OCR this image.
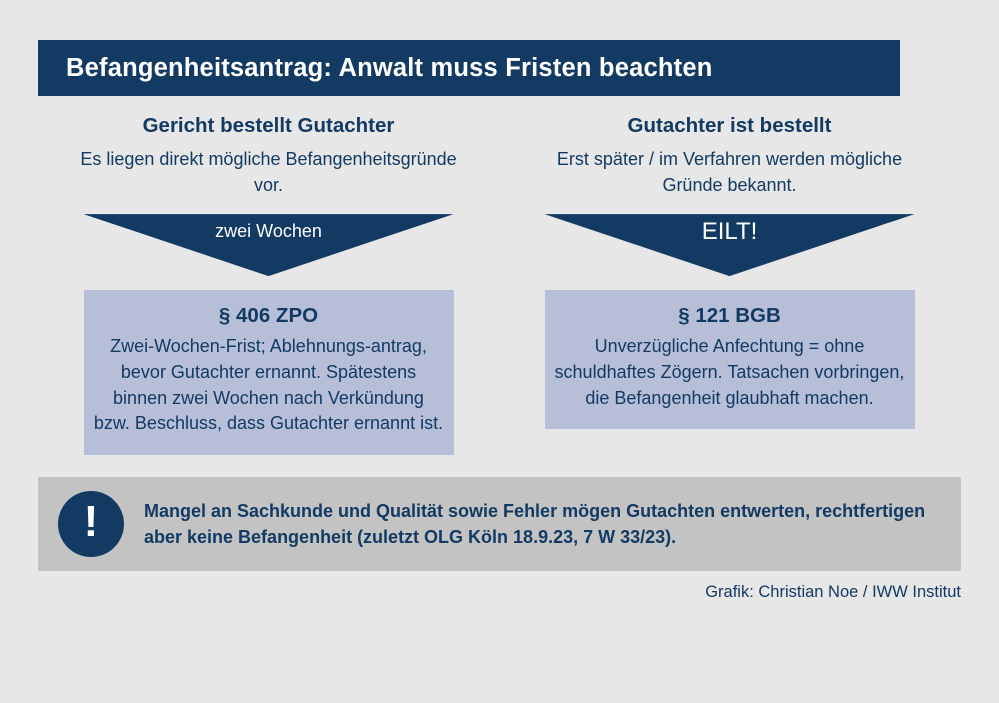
Befangenheitsantrag: Anwalt muss Fristen beachten
Gericht bestellt Gutachter
Es liegen direkt mögliche Befangenheitsgründe vor.
zwei Wochen
§ 406 ZPO
Zwei-Wochen-Frist; Ablehnungs-antrag, bevor Gutachter ernannt. Spätestens binnen zwei Wochen nach Verkündung bzw. Beschluss, dass Gutachter ernannt ist.
Gutachter ist bestellt
Erst später / im Verfahren werden mögliche Gründe bekannt.
EILT!
§ 121 BGB
Unverzügliche Anfechtung = ohne schuldhaftes Zögern. Tatsachen vorbringen, die Befangenheit glaubhaft machen.
!	Mangel an Sachkunde und Qualität sowie Fehler mögen Gutachten entwerten, rechtfertigen aber keine Befangenheit (zuletzt OLG Köln 18.9.23, 7 W 33/23).
Grafik: Christian Noe / IWW Institut
